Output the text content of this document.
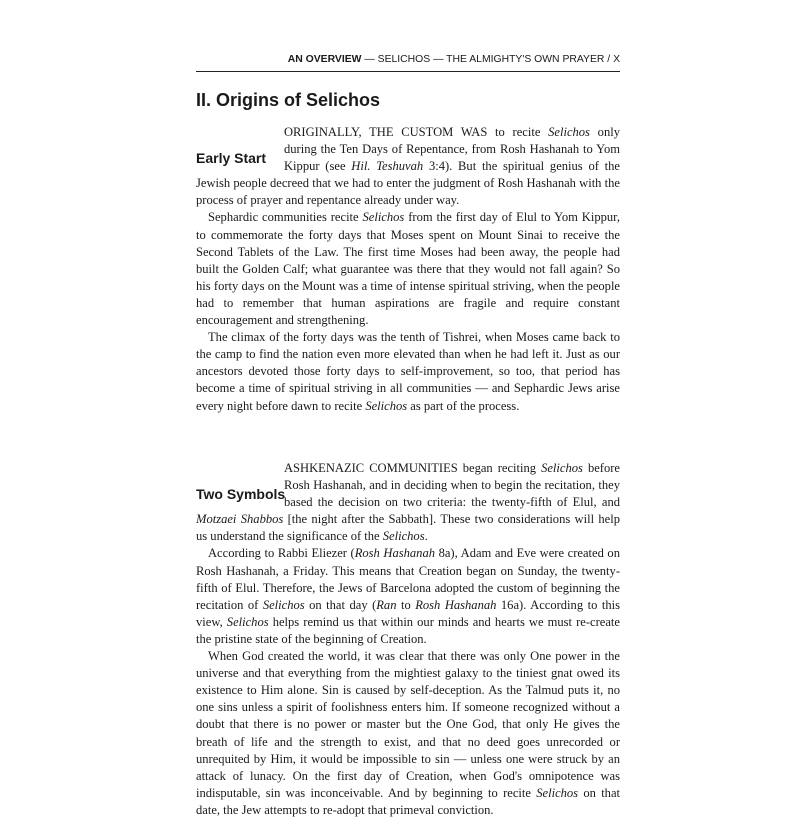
AN OVERVIEW — SELICHOS — THE ALMIGHTY'S OWN PRAYER / X
II. Origins of Selichos
Early Start

ORIGINALLY, THE CUSTOM WAS to recite Selichos only during the Ten Days of Repentance, from Rosh Hashanah to Yom Kippur (see Hil. Teshuvah 3:4). But the spiritual genius of the Jewish people decreed that we had to enter the judgment of Rosh Hashanah with the process of prayer and repentance already under way.

Sephardic communities recite Selichos from the first day of Elul to Yom Kippur, to commemorate the forty days that Moses spent on Mount Sinai to receive the Second Tablets of the Law. The first time Moses had been away, the people had built the Golden Calf; what guarantee was there that they would not fall again? So his forty days on the Mount was a time of intense spiritual striving, when the people had to remember that human aspirations are fragile and require constant encouragement and strengthening.

The climax of the forty days was the tenth of Tishrei, when Moses came back to the camp to find the nation even more elevated than when he had left it. Just as our ancestors devoted those forty days to self-improvement, so too, that period has become a time of spiritual striving in all communities — and Sephardic Jews arise every night before dawn to recite Selichos as part of the process.

Two Symbols

ASHKENAZIC COMMUNITIES began reciting Selichos before Rosh Hashanah, and in deciding when to begin the recitation, they based the decision on two criteria: the twenty-fifth of Elul, and Motzaei Shabbos [the night after the Sabbath]. These two considerations will help us understand the significance of the Selichos.

According to Rabbi Eliezer (Rosh Hashanah 8a), Adam and Eve were created on Rosh Hashanah, a Friday. This means that Creation began on Sunday, the twenty-fifth of Elul. Therefore, the Jews of Barcelona adopted the custom of beginning the recitation of Selichos on that day (Ran to Rosh Hashanah 16a). According to this view, Selichos helps remind us that within our minds and hearts we must re-create the pristine state of the beginning of Creation.

When God created the world, it was clear that there was only One power in the universe and that everything from the mightiest galaxy to the tiniest gnat owed its existence to Him alone. Sin is caused by self-deception. As the Talmud puts it, no one sins unless a spirit of foolishness enters him. If someone recognized without a doubt that there is no power or master but the One God, that only He gives the breath of life and the strength to exist, and that no deed goes unrecorded or unrequited by Him, it would be impossible to sin — unless one were struck by an attack of lunacy. On the first day of Creation, when God's omnipotence was indisputable, sin was inconceivable. And by beginning to recite Selichos on that date, the Jew attempts to re-adopt that primeval conviction.
